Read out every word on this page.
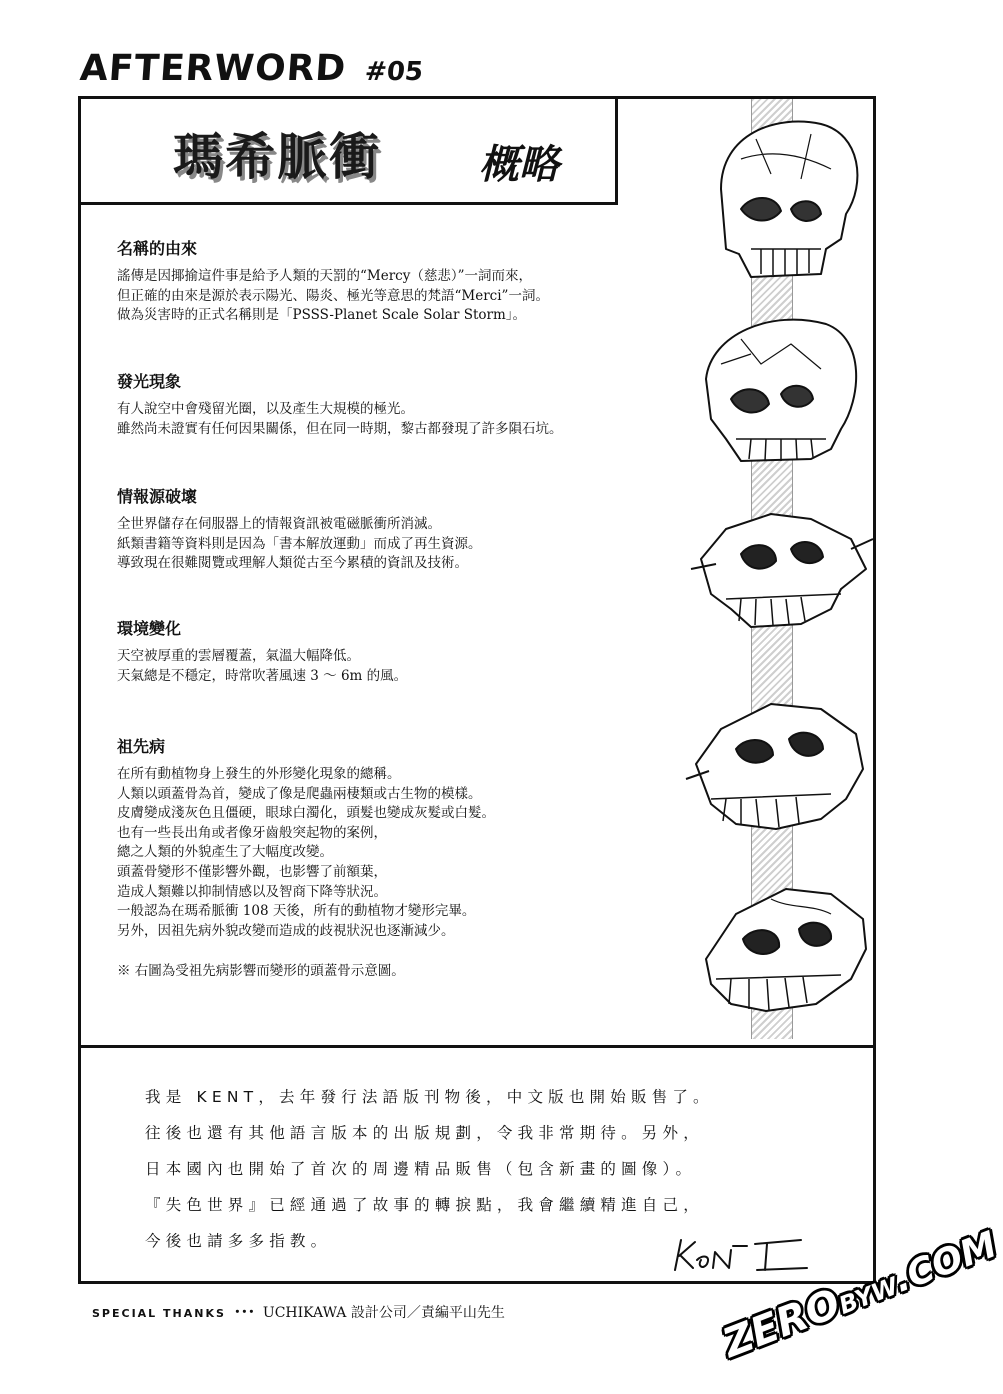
AFTERWORD #05
瑪希脈衝 概略
名稱的由來

謠傳是因揶揄這件事是給予人類的天罰的“Mercy（慈悲）”一詞而來，

但正確的由來是源於表示陽光、陽炎、極光等意思的梵語“Merci”一詞。

做為災害時的正式名稱則是「PSSS-Planet Scale Solar Storm」。

發光現象

有人說空中會殘留光圈，以及產生大規模的極光。

雖然尚未證實有任何因果關係，但在同一時期，黎古都發現了許多隕石坑。

情報源破壞

全世界儲存在伺服器上的情報資訊被電磁脈衝所消滅。

紙類書籍等資料則是因為「書本解放運動」而成了再生資源。

導致現在很難閱覽或理解人類從古至今累積的資訊及技術。

環境變化

天空被厚重的雲層覆蓋，氣溫大幅降低。

天氣總是不穩定，時常吹著風速 3 ～ 6m 的風。

祖先病

在所有動植物身上發生的外形變化現象的總稱。

人類以頭蓋骨為首，變成了像是爬蟲兩棲類或古生物的模樣。

皮膚變成淺灰色且僵硬，眼球白濁化，頭髮也變成灰髮或白髮。

也有一些長出角或者像牙齒般突起物的案例，

總之人類的外貌產生了大幅度改變。

頭蓋骨變形不僅影響外觀，也影響了前額葉，

造成人類難以抑制情感以及智商下降等狀況。

一般認為在瑪希脈衝 108 天後，所有的動植物才變形完畢。

另外，因祖先病外貌改變而造成的歧視狀況也逐漸減少。

※ 右圖為受祖先病影響而變形的頭蓋骨示意圖。
我是 KENT，去年發行法語版刊物後，中文版也開始販售了。
往後也還有其他語言版本的出版規劃，令我非常期待。另外，
日本國內也開始了首次的周邊精品販售（包含新畫的圖像）。
『失色世界』已經通過了故事的轉捩點，我會繼續精進自己，
今後也請多多指教。
SPECIAL THANKS ･･･ UCHIKAWA 設計公司／責編平山先生	ZEROBYW.COM
